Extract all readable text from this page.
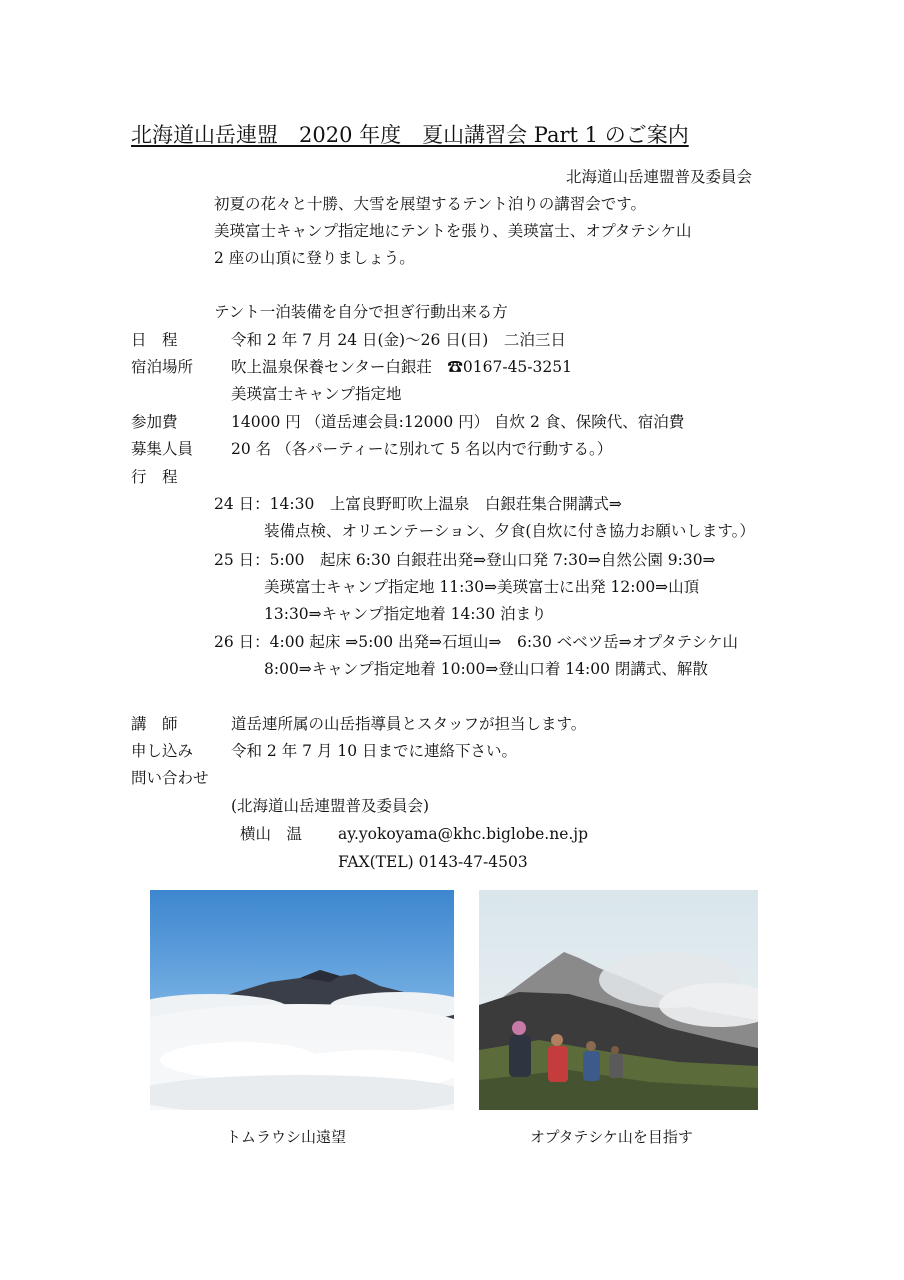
北海道山岳連盟　2020 年度　夏山講習会 Part 1 のご案内
北海道山岳連盟普及委員会
初夏の花々と十勝、大雪を展望するテント泊りの講習会です。
美瑛富士キャンプ指定地にテントを張り、美瑛富士、オプタテシケ山
2 座の山頂に登りましょう。
テント一泊装備を自分で担ぎ行動出来る方
日　程	令和 2 年 7 月 24 日(金)～26 日(日)　二泊三日
宿泊場所 吹上温泉保養センター白銀荘　☎0167-45-3251
美瑛富士キャンプ指定地
参加費	14000 円 （道岳連会員:12000 円） 自炊 2 食、保険代、宿泊費
募集人員 20 名 （各パーティーに別れて 5 名以内で行動する。）
行　程
24 日：14:30　上富良野町吹上温泉　白銀荘集合開講式⇒
装備点検、オリエンテーション、夕食(自炊に付き協力お願いします。）
25 日：5:00　起床 6:30 白銀荘出発⇒登山口発 7:30⇒自然公園 9:30⇒
美瑛富士キャンプ指定地 11:30⇒美瑛富士に出発 12:00⇒山頂
13:30⇒キャンプ指定地着 14:30 泊まり
26 日：4:00 起床 ⇒5:00 出発⇒石垣山⇒　6:30 ベベツ岳⇒オプタテシケ山
8:00⇒キャンプ指定地着 10:00⇒登山口着 14:00 閉講式、解散
講　師	道岳連所属の山岳指導員とスタッフが担当します。
申し込み 令和 2 年 7 月 10 日までに連絡下さい。
問い合わせ
(北海道山岳連盟普及委員会)
横山　温 ay.yokoyama@khc.biglobe.ne.jp
FAX(TEL) 0143-47-4503
トムラウシ山遠望	オプタテシケ山を目指す
